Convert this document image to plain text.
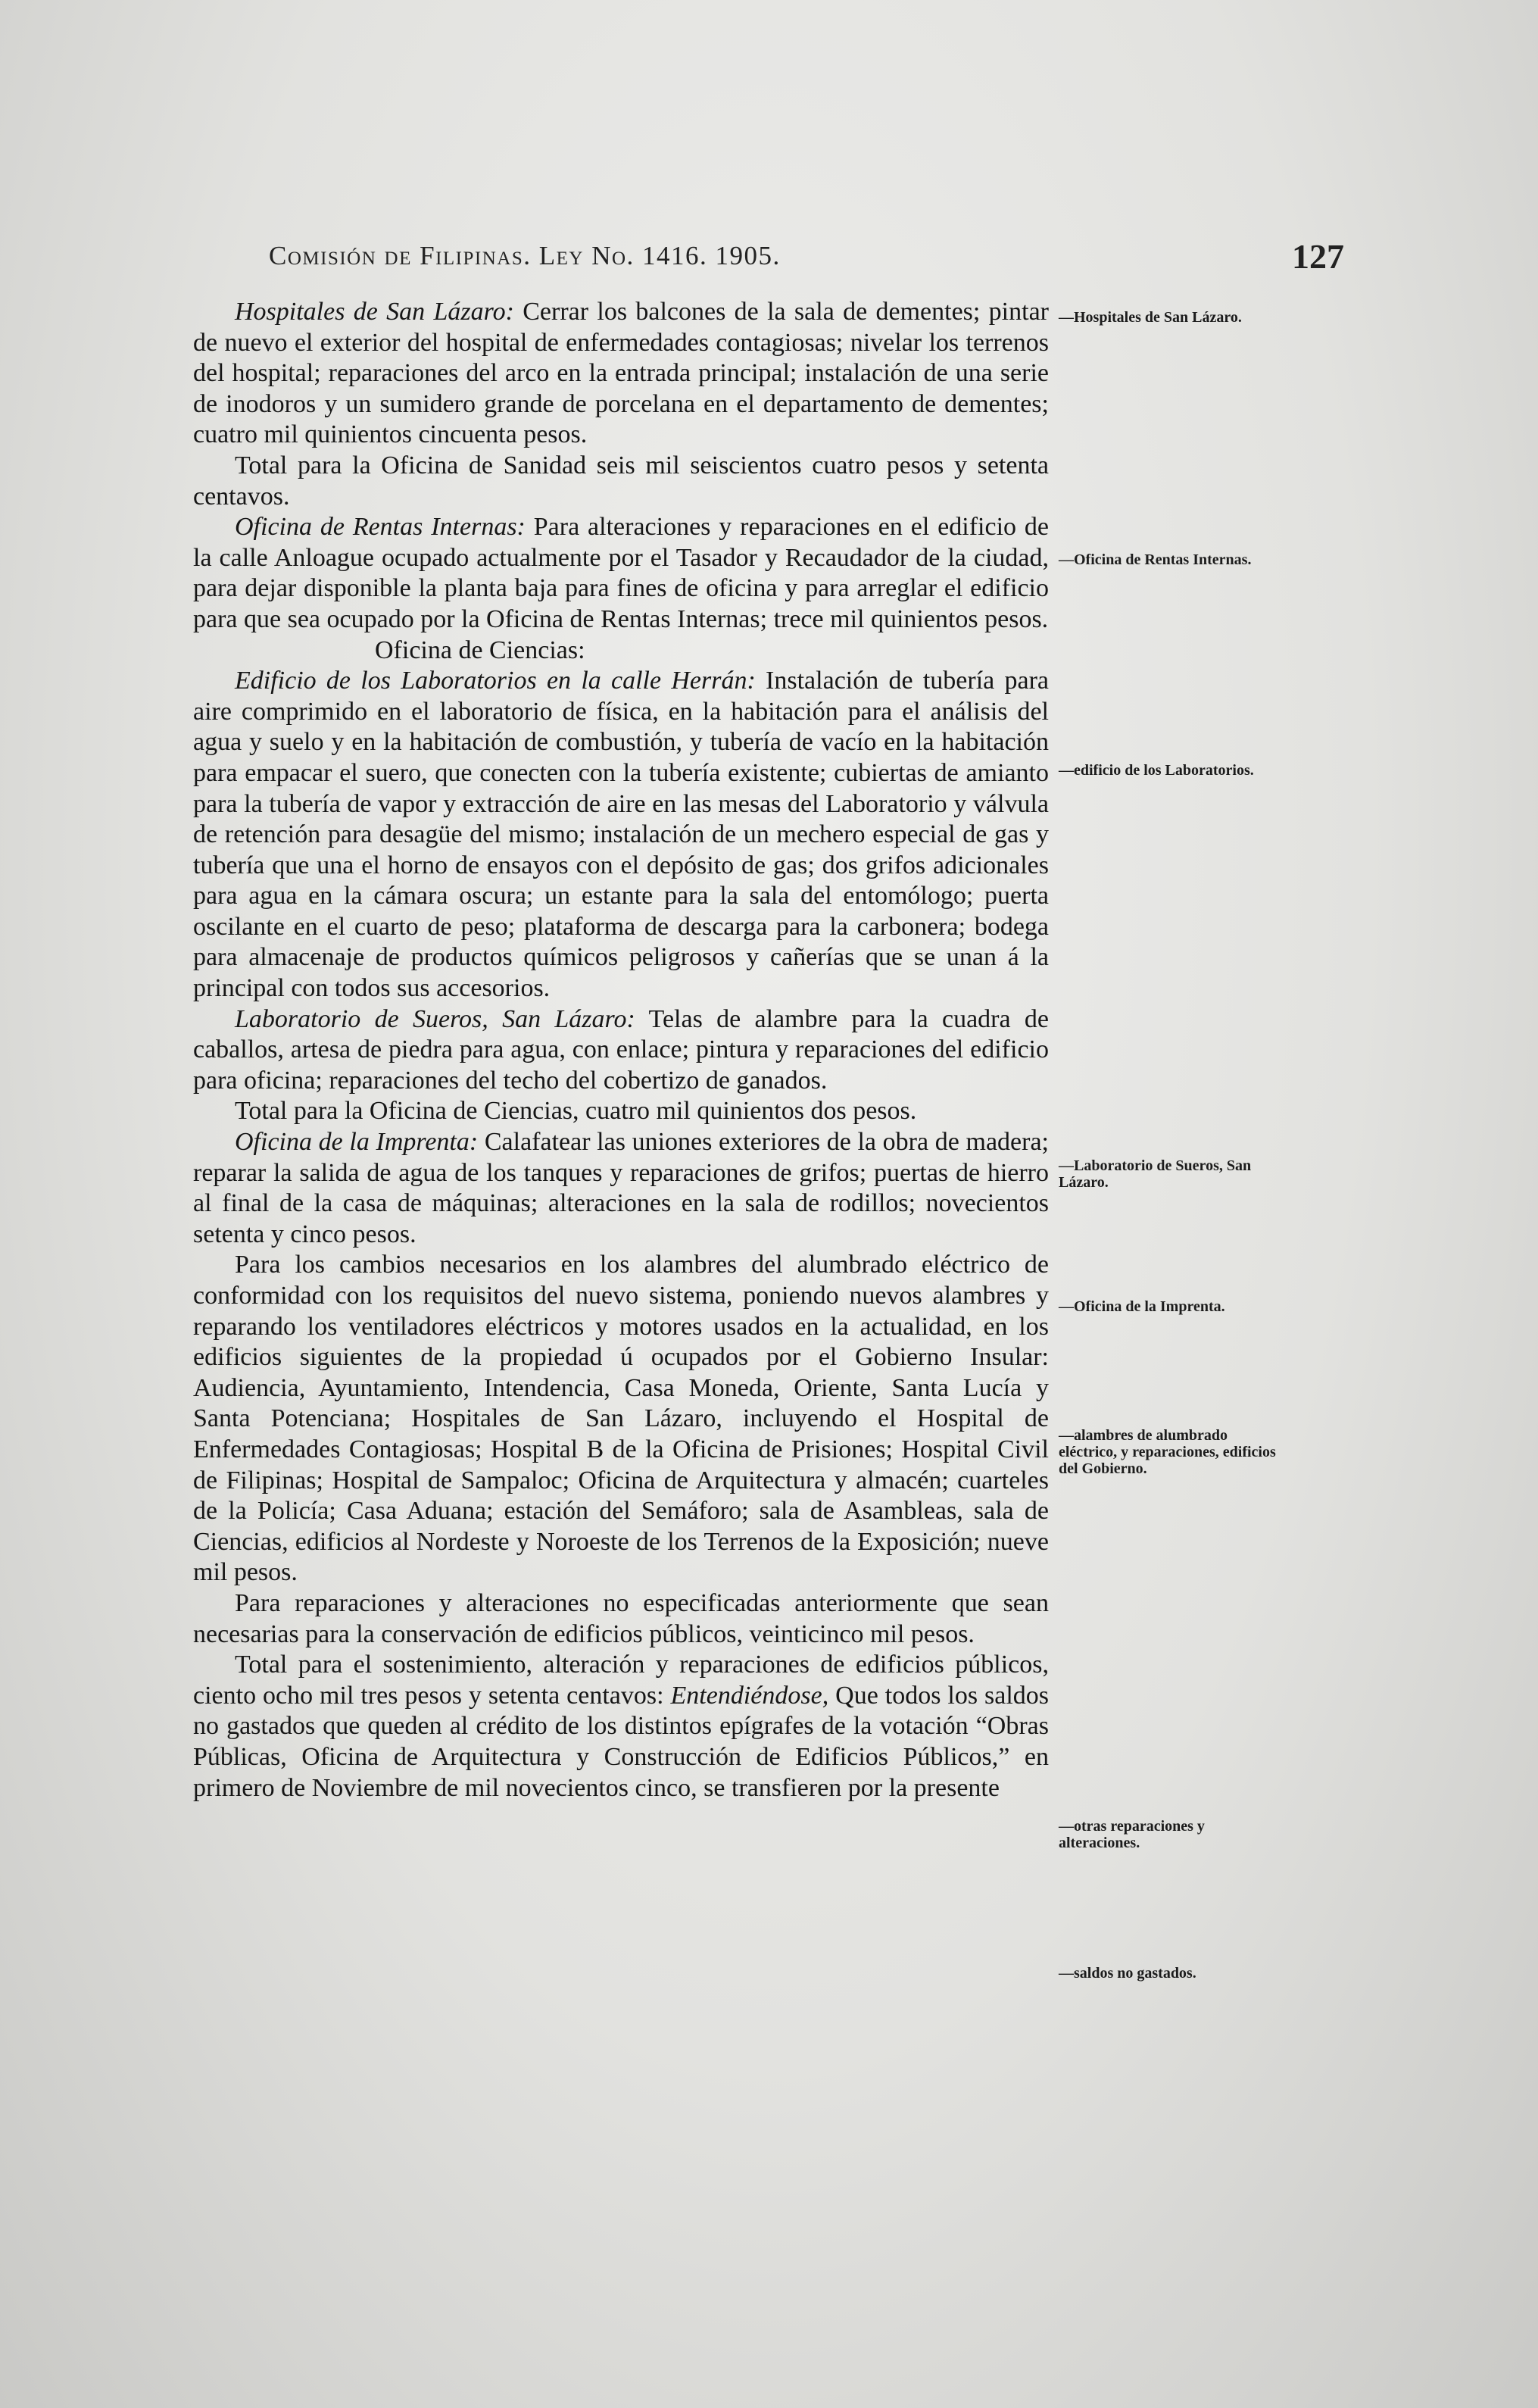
Comisión de Filipinas. Ley No. 1416. 1905.	127

Hospitales de San Lázaro: Cerrar los balcones de la sala de dementes; pintar de nuevo el exterior del hospital de enfermedades contagiosas; nivelar los terrenos del hospital; reparaciones del arco en la entrada principal; instalación de una serie de inodoros y un sumidero grande de porcelana en el departamento de dementes; cuatro mil quinientos cincuenta pesos.

Total para la Oficina de Sanidad seis mil seiscientos cuatro pesos y setenta centavos.

Oficina de Rentas Internas: Para alteraciones y reparaciones en el edificio de la calle Anloague ocupado actualmente por el Tasador y Recaudador de la ciudad, para dejar disponible la planta baja para fines de oficina y para arreglar el edificio para que sea ocupado por la Oficina de Rentas Internas; trece mil quinientos pesos.

Oficina de Ciencias:

Edificio de los Laboratorios en la calle Herrán: Instalación de tubería para aire comprimido en el laboratorio de física, en la habitación para el análisis del agua y suelo y en la habitación de combustión, y tubería de vacío en la habitación para empacar el suero, que conecten con la tubería existente; cubiertas de amianto para la tubería de vapor y extracción de aire en las mesas del Laboratorio y válvula de retención para desagüe del mismo; instalación de un mechero especial de gas y tubería que una el horno de ensayos con el depósito de gas; dos grifos adicionales para agua en la cámara oscura; un estante para la sala del entomólogo; puerta oscilante en el cuarto de peso; plataforma de descarga para la carbonera; bodega para almacenaje de productos químicos peligrosos y cañerías que se unan á la principal con todos sus accesorios.

Laboratorio de Sueros, San Lázaro: Telas de alambre para la cuadra de caballos, artesa de piedra para agua, con enlace; pintura y reparaciones del edificio para oficina; reparaciones del techo del cobertizo de ganados.

Total para la Oficina de Ciencias, cuatro mil quinientos dos pesos.

Oficina de la Imprenta: Calafatear las uniones exteriores de la obra de madera; reparar la salida de agua de los tanques y reparaciones de grifos; puertas de hierro al final de la casa de máquinas; alteraciones en la sala de rodillos; novecientos setenta y cinco pesos.

Para los cambios necesarios en los alambres del alumbrado eléctrico de conformidad con los requisitos del nuevo sistema, poniendo nuevos alambres y reparando los ventiladores eléctricos y motores usados en la actualidad, en los edificios siguientes de la propiedad ú ocupados por el Gobierno Insular: Audiencia, Ayuntamiento, Intendencia, Casa Moneda, Oriente, Santa Lucía y Santa Potenciana; Hospitales de San Lázaro, incluyendo el Hospital de Enfermedades Contagiosas; Hospital B de la Oficina de Prisiones; Hospital Civil de Filipinas; Hospital de Sampaloc; Oficina de Arquitectura y almacén; cuarteles de la Policía; Casa Aduana; estación del Semáforo; sala de Asambleas, sala de Ciencias, edificios al Nordeste y Noroeste de los Terrenos de la Exposición; nueve mil pesos.

Para reparaciones y alteraciones no especificadas anteriormente que sean necesarias para la conservación de edificios públicos, veinticinco mil pesos.

Total para el sostenimiento, alteración y reparaciones de edificios públicos, ciento ocho mil tres pesos y setenta centavos: Entendiéndose, Que todos los saldos no gastados que queden al crédito de los distintos epígrafes de la votación “Obras Públicas, Oficina de Arquitectura y Construcción de Edificios Públicos,” en primero de Noviembre de mil novecientos cinco, se transfieren por la presente

—Hospitales de San Lázaro.
—Oficina de Rentas Internas.
—edificio de los Laboratorios.
—Laboratorio de Sueros, San Lázaro.
—Oficina de la Imprenta.
—alambres de alumbrado eléctrico, y reparaciones, edificios del Gobierno.
—otras reparaciones y alteraciones.
—saldos no gastados.
